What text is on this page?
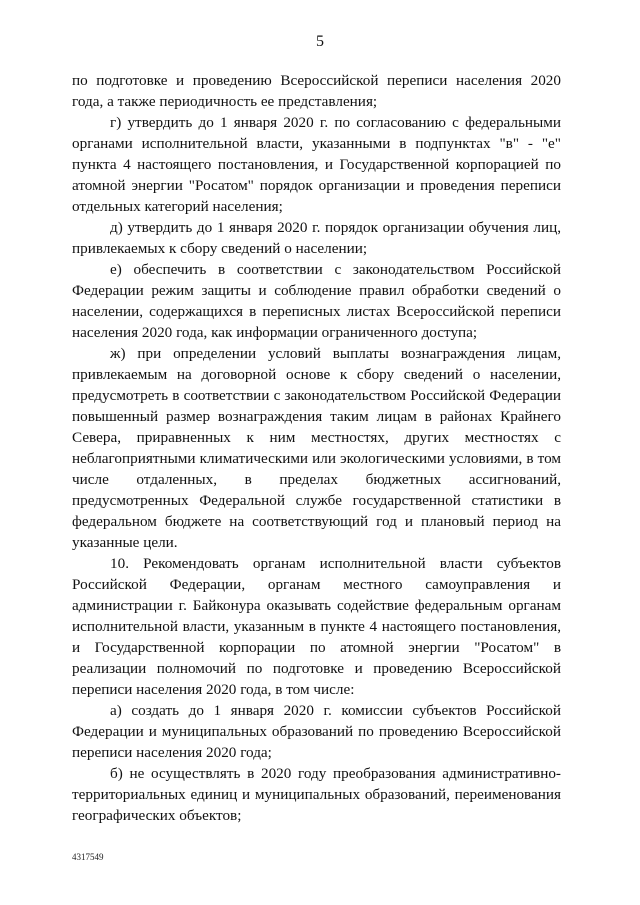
5

по подготовке и проведению Всероссийской переписи населения 2020 года, а также периодичность ее представления;

г) утвердить до 1 января 2020 г. по согласованию с федеральными органами исполнительной власти, указанными в подпунктах "в" - "е" пункта 4 настоящего постановления, и Государственной корпорацией по атомной энергии "Росатом" порядок организации и проведения переписи отдельных категорий населения;

д) утвердить до 1 января 2020 г. порядок организации обучения лиц, привлекаемых к сбору сведений о населении;

е) обеспечить в соответствии с законодательством Российской Федерации режим защиты и соблюдение правил обработки сведений о населении, содержащихся в переписных листах Всероссийской переписи населения 2020 года, как информации ограниченного доступа;

ж) при определении условий выплаты вознаграждения лицам, привлекаемым на договорной основе к сбору сведений о населении, предусмотреть в соответствии с законодательством Российской Федерации повышенный размер вознаграждения таким лицам в районах Крайнего Севера, приравненных к ним местностях, других местностях с неблагоприятными климатическими или экологическими условиями, в том числе отдаленных, в пределах бюджетных ассигнований, предусмотренных Федеральной службе государственной статистики в федеральном бюджете на соответствующий год и плановый период на указанные цели.

10. Рекомендовать органам исполнительной власти субъектов Российской Федерации, органам местного самоуправления и администрации г. Байконура оказывать содействие федеральным органам исполнительной власти, указанным в пункте 4 настоящего постановления, и Государственной корпорации по атомной энергии "Росатом" в реализации полномочий по подготовке и проведению Всероссийской переписи населения 2020 года, в том числе:

а) создать до 1 января 2020 г. комиссии субъектов Российской Федерации и муниципальных образований по проведению Всероссийской переписи населения 2020 года;

б) не осуществлять в 2020 году преобразования административно-территориальных единиц и муниципальных образований, переименования географических объектов;

4317549
